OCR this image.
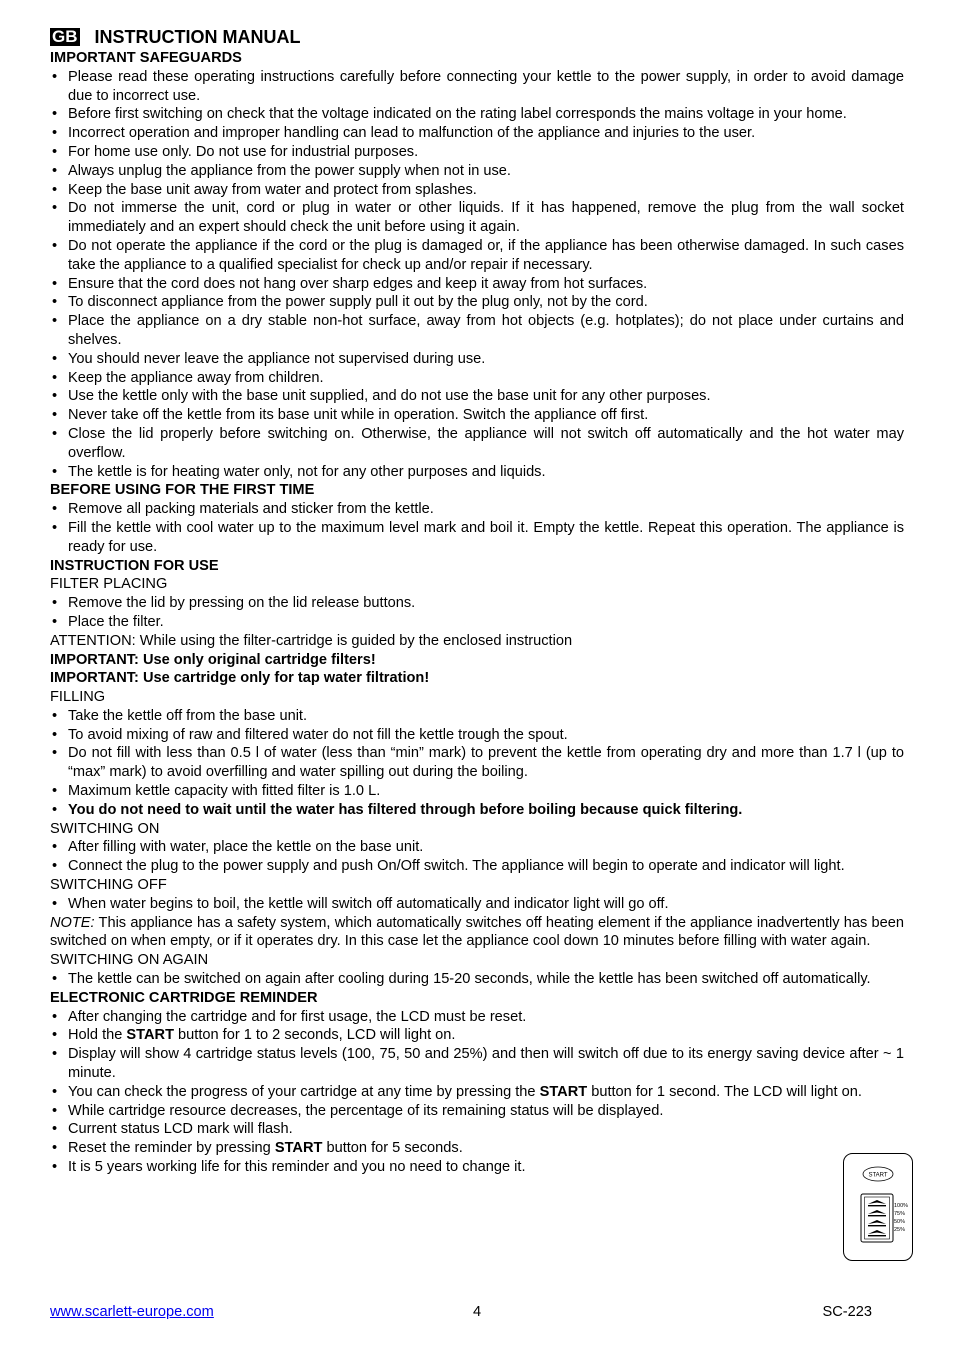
GB INSTRUCTION MANUAL
IMPORTANT SAFEGUARDS
• Please read these operating instructions carefully before connecting your kettle to the power supply, in order to avoid damage due to incorrect use.
• Before first switching on check that the voltage indicated on the rating label corresponds the mains voltage in your home.
• Incorrect operation and improper handling can lead to malfunction of the appliance and injuries to the user.
• For home use only. Do not use for industrial purposes.
• Always unplug the appliance from the power supply when not in use.
• Keep the base unit away from water and protect from splashes.
• Do not immerse the unit, cord or plug in water or other liquids. If it has happened, remove the plug from the wall socket immediately and an expert should check the unit before using it again.
• Do not operate the appliance if the cord or the plug is damaged or, if the appliance has been otherwise damaged. In such cases take the appliance to a qualified specialist for check up and/or repair if necessary.
• Ensure that the cord does not hang over sharp edges and keep it away from hot surfaces.
• To disconnect appliance from the power supply pull it out by the plug only, not by the cord.
• Place the appliance on a dry stable non-hot surface, away from hot objects (e.g. hotplates); do not place under curtains and shelves.
• You should never leave the appliance not supervised during use.
• Keep the appliance away from children.
• Use the kettle only with the base unit supplied, and do not use the base unit for any other purposes.
• Never take off the kettle from its base unit while in operation. Switch the appliance off first.
• Close the lid properly before switching on. Otherwise, the appliance will not switch off automatically and the hot water may overflow.
• The kettle is for heating water only, not for any other purposes and liquids.
BEFORE USING FOR THE FIRST TIME
• Remove all packing materials and sticker from the kettle.
• Fill the kettle with cool water up to the maximum level mark and boil it. Empty the kettle. Repeat this operation. The appliance is ready for use.
INSTRUCTION FOR USE
FILTER PLACING
• Remove the lid by pressing on the lid release buttons.
• Place the filter.
ATTENTION: While using the filter-cartridge is guided by the enclosed instruction
IMPORTANT: Use only original cartridge filters!
IMPORTANT: Use cartridge only for tap water filtration!
FILLING
• Take the kettle off from the base unit.
• To avoid mixing of raw and filtered water do not fill the kettle trough the spout.
• Do not fill with less than 0.5 l of water (less than “min” mark) to prevent the kettle from operating dry and more than 1.7 l (up to “max” mark) to avoid overfilling and water spilling out during the boiling.
• Maximum kettle capacity with fitted filter is 1.0 L.
• You do not need to wait until the water has filtered through before boiling because quick filtering.
SWITCHING ON
• After filling with water, place the kettle on the base unit.
• Connect the plug to the power supply and push On/Off switch. The appliance will begin to operate and indicator will light.
SWITCHING OFF
• When water begins to boil, the kettle will switch off automatically and indicator light will go off.
NOTE: This appliance has a safety system, which automatically switches off heating element if the appliance inadvertently has been switched on when empty, or if it operates dry. In this case let the appliance cool down 10 minutes before filling with water again.
SWITCHING ON AGAIN
• The kettle can be switched on again after cooling during 15-20 seconds, while the kettle has been switched off automatically.
ELECTRONIC CARTRIDGE REMINDER
• After changing the cartridge and for first usage, the LCD must be reset.
• Hold the START button for 1 to 2 seconds, LCD will light on.
• Display will show 4 cartridge status levels (100, 75, 50 and 25%) and then will switch off due to its energy saving device after ~ 1 minute.
• You can check the progress of your cartridge at any time by pressing the START button for 1 second. The LCD will light on.
• While cartridge resource decreases, the percentage of its remaining status will be displayed.
• Current status LCD mark will flash.
• Reset the reminder by pressing START button for 5 seconds.
• It is 5 years working life for this reminder and you no need to change it.
START
100%
75%
50%
25%
www.scarlett-europe.com	4	SC-223
